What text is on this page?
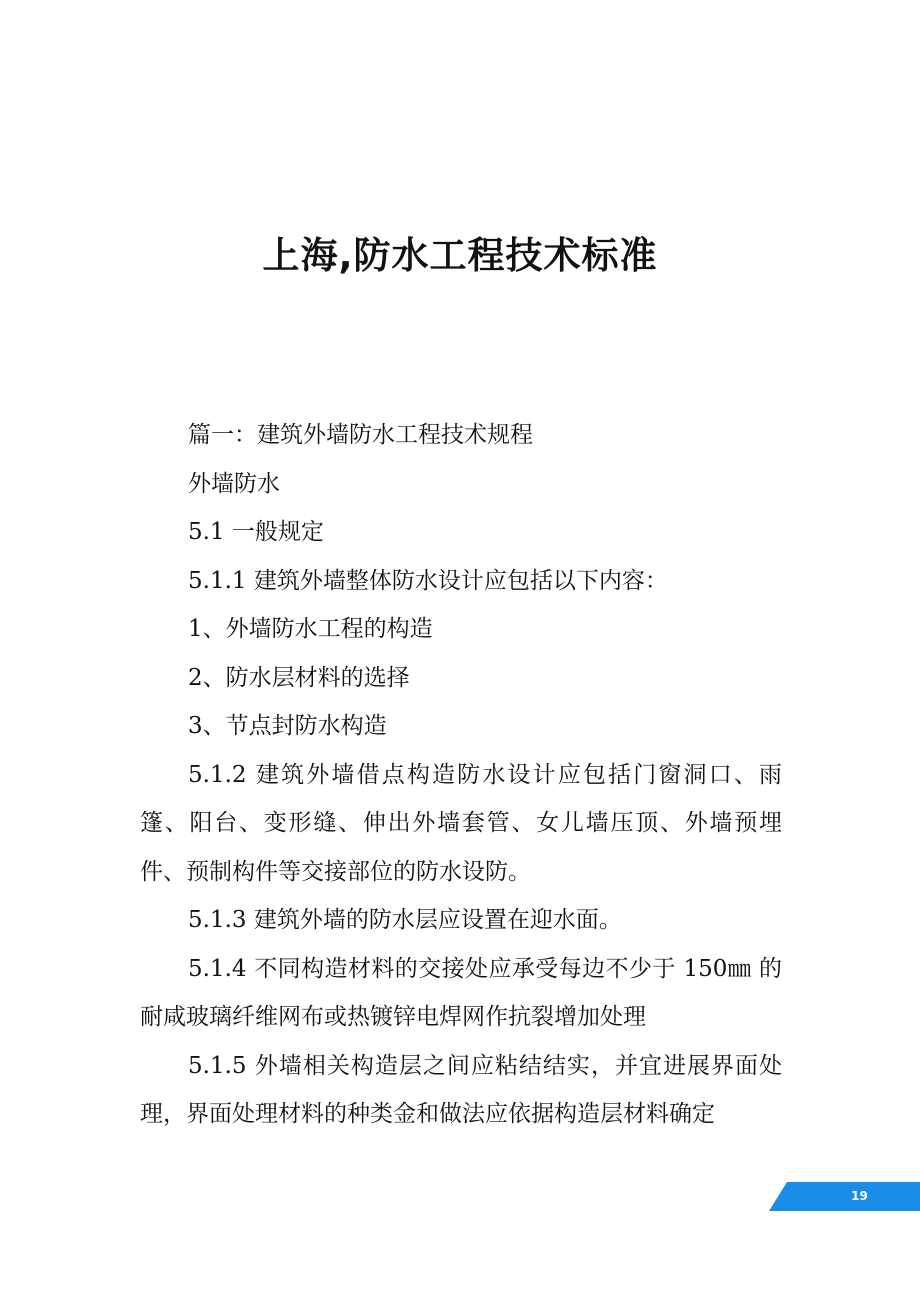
上海,防水工程技术标准

篇一：建筑外墙防水工程技术规程

外墙防水

5.1 一般规定

5.1.1 建筑外墙整体防水设计应包括以下内容：

1、外墙防水工程的构造

2、防水层材料的选择

3、节点封防水构造

5.1.2 建筑外墙借点构造防水设计应包括门窗洞口、雨篷、阳台、变形缝、伸出外墙套管、女儿墙压顶、外墙预埋件、预制构件等交接部位的防水设防。

5.1.3 建筑外墙的防水层应设置在迎水面。

5.1.4 不同构造材料的交接处应承受每边不少于 150㎜ 的耐咸玻璃纤维网布或热镀锌电焊网作抗裂增加处理

5.1.5 外墙相关构造层之间应粘结结实，并宜进展界面处理，界面处理材料的种类金和做法应依据构造层材料确定

19
